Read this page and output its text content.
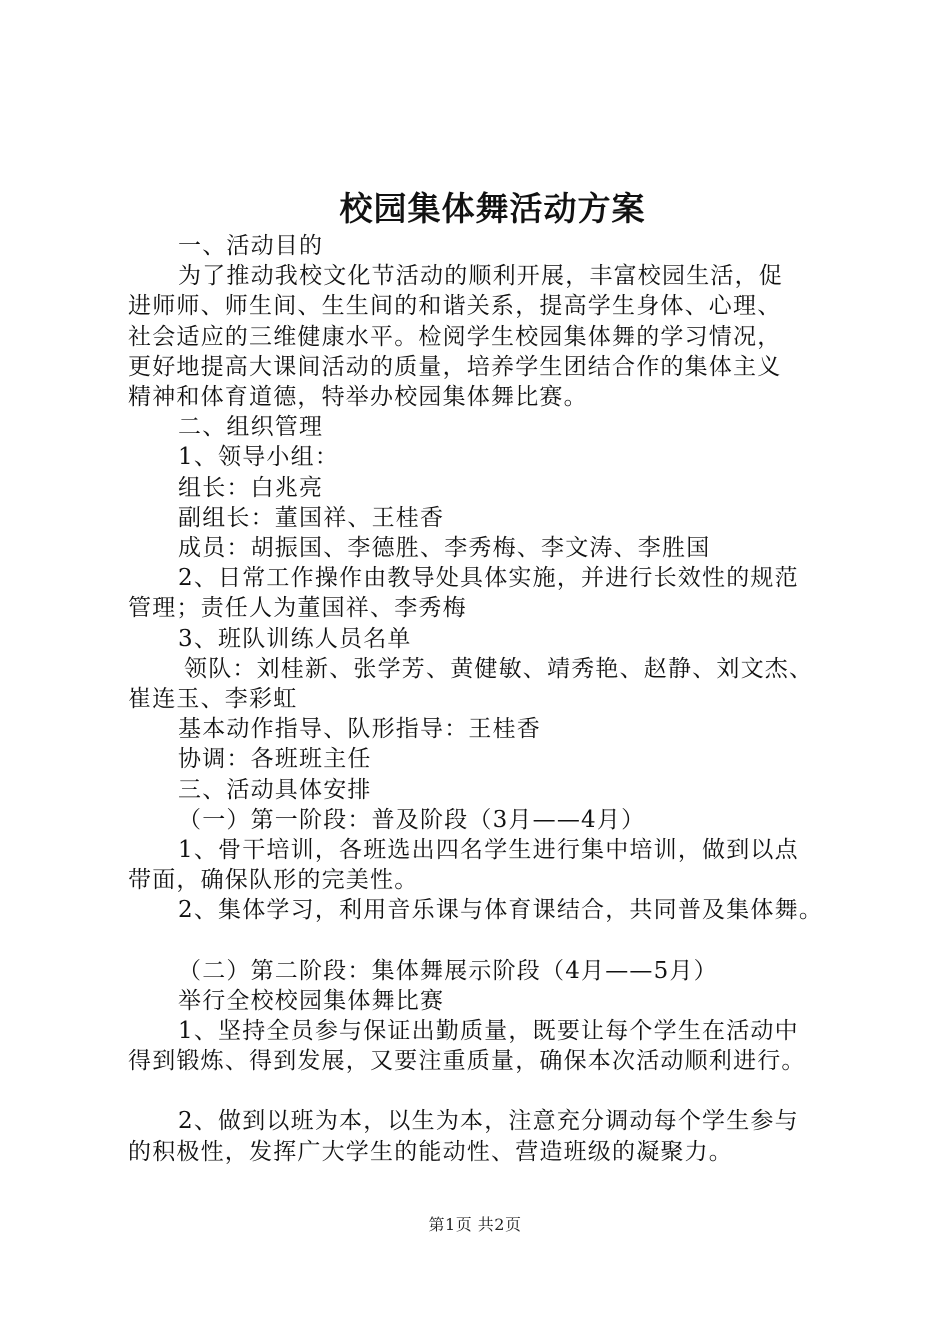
校园集体舞活动方案
一、活动目的
为了推动我校文化节活动的顺利开展，丰富校园生活，促
进师师、师生间、生生间的和谐关系，提高学生身体、心理、
社会适应的三维健康水平。检阅学生校园集体舞的学习情况，
更好地提高大课间活动的质量，培养学生团结合作的集体主义
精神和体育道德，特举办校园集体舞比赛。
二、组织管理
1、领导小组：
组长：白兆亮
副组长：董国祥、王桂香
成员：胡振国、李德胜、李秀梅、李文涛、李胜国
2、日常工作操作由教导处具体实施，并进行长效性的规范
管理；责任人为董国祥、李秀梅
3、班队训练人员名单
领队：刘桂新、张学芳、黄健敏、靖秀艳、赵静、刘文杰、
崔连玉、李彩虹
基本动作指导、队形指导：王桂香
协调：各班班主任
三、活动具体安排
（一）第一阶段：普及阶段（3月——4月）
1、骨干培训，各班选出四名学生进行集中培训，做到以点
带面，确保队形的完美性。
2、集体学习，利用音乐课与体育课结合，共同普及集体舞。
（二）第二阶段：集体舞展示阶段（4月——5月）
举行全校校园集体舞比赛
1、坚持全员参与保证出勤质量，既要让每个学生在活动中
得到锻炼、得到发展，又要注重质量，确保本次活动顺利进行。
2、做到以班为本，以生为本，注意充分调动每个学生参与
的积极性，发挥广大学生的能动性、营造班级的凝聚力。
第1页 共2页
